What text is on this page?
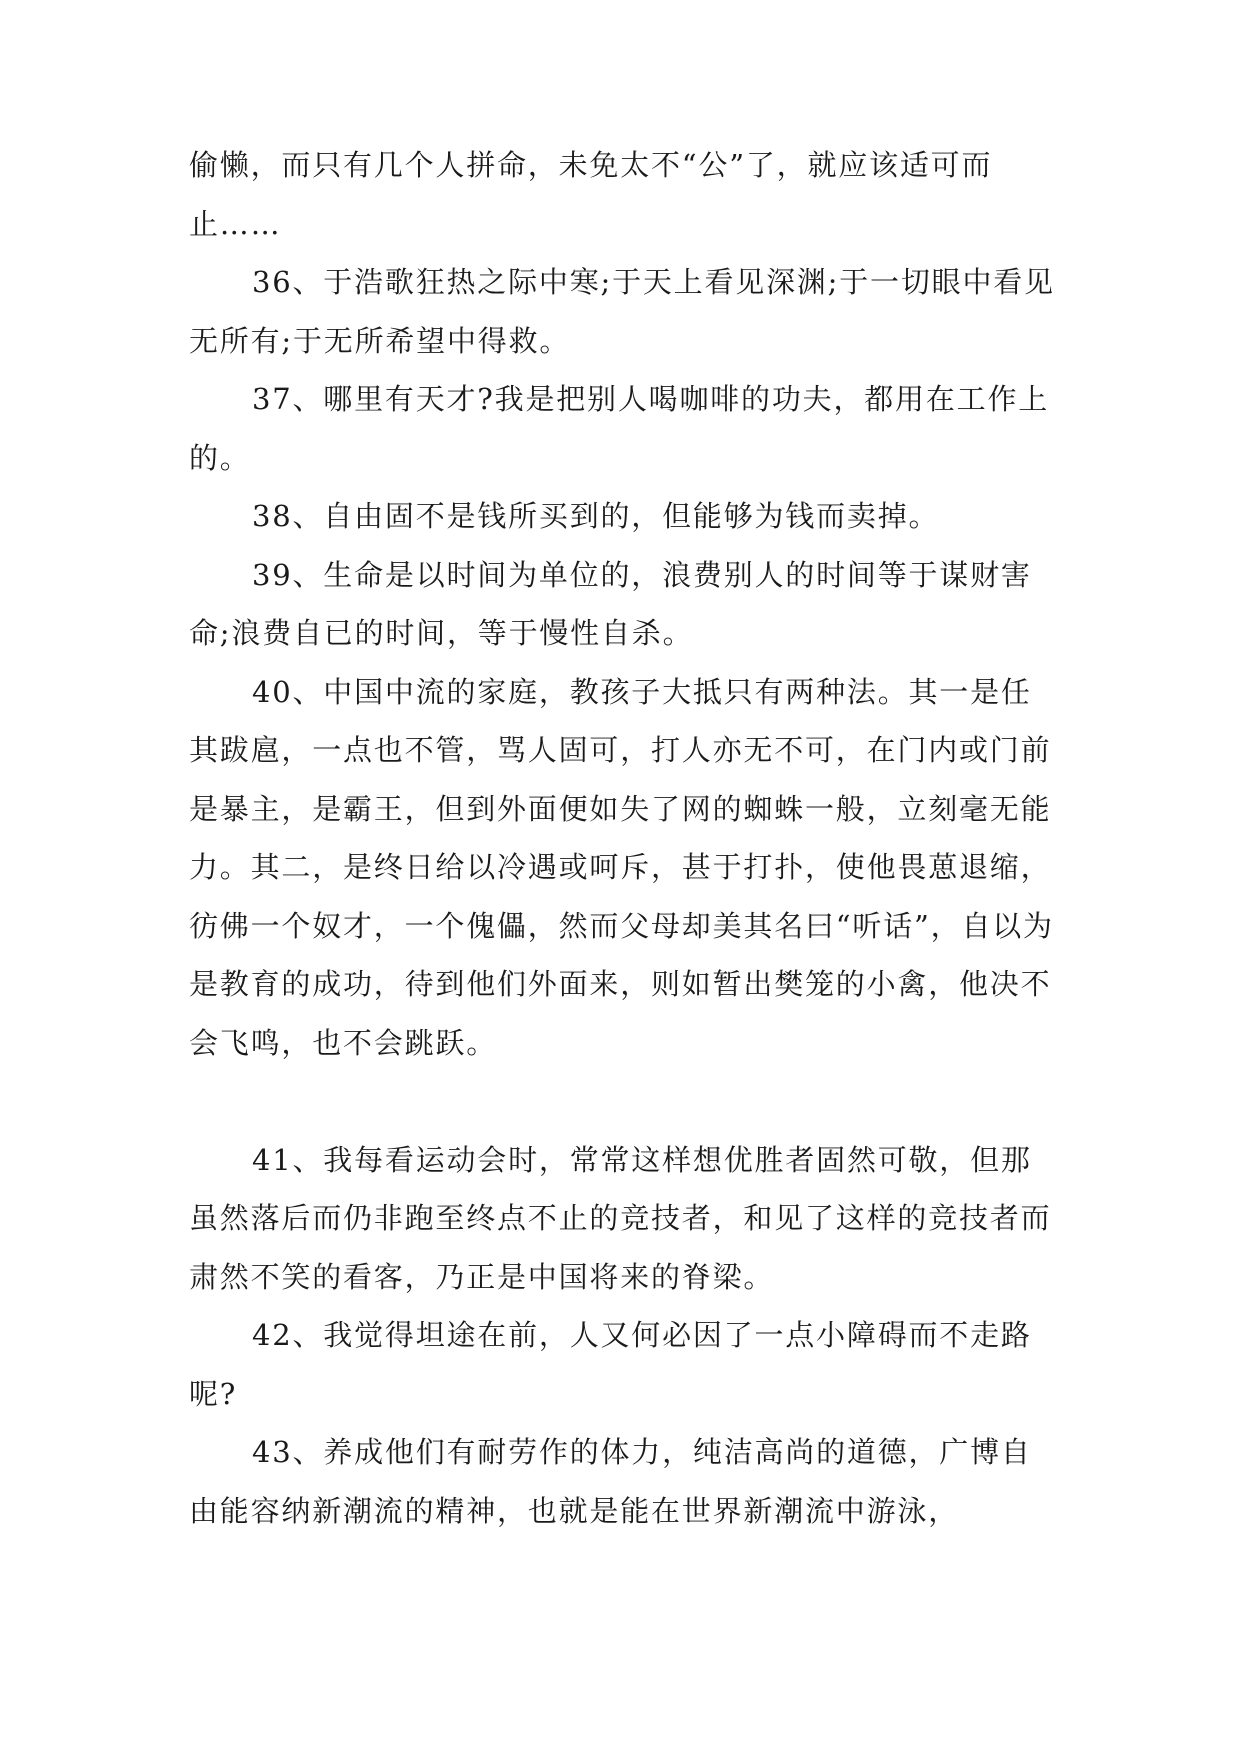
偷懒，而只有几个人拼命，未免太不“公”了，就应该适可而止……

36、于浩歌狂热之际中寒;于天上看见深渊;于一切眼中看见无所有;于无所希望中得救。

37、哪里有天才?我是把别人喝咖啡的功夫，都用在工作上的。

38、自由固不是钱所买到的，但能够为钱而卖掉。

39、生命是以时间为单位的，浪费别人的时间等于谋财害命;浪费自已的时间，等于慢性自杀。

40、中国中流的家庭，教孩子大抵只有两种法。其一是任其跋扈，一点也不管，骂人固可，打人亦无不可，在门内或门前是暴主，是霸王，但到外面便如失了网的蜘蛛一般，立刻毫无能力。其二，是终日给以冷遇或呵斥，甚于打扑，使他畏葸退缩，彷佛一个奴才，一个傀儡，然而父母却美其名曰“听话”，自以为是教育的成功，待到他们外面来，则如暂出樊笼的小禽，他决不会飞鸣，也不会跳跃。

41、我每看运动会时，常常这样想优胜者固然可敬，但那虽然落后而仍非跑至终点不止的竞技者，和见了这样的竞技者而肃然不笑的看客，乃正是中国将来的脊梁。

42、我觉得坦途在前，人又何必因了一点小障碍而不走路呢?

43、养成他们有耐劳作的体力，纯洁高尚的道德，广博自由能容纳新潮流的精神，也就是能在世界新潮流中游泳，
